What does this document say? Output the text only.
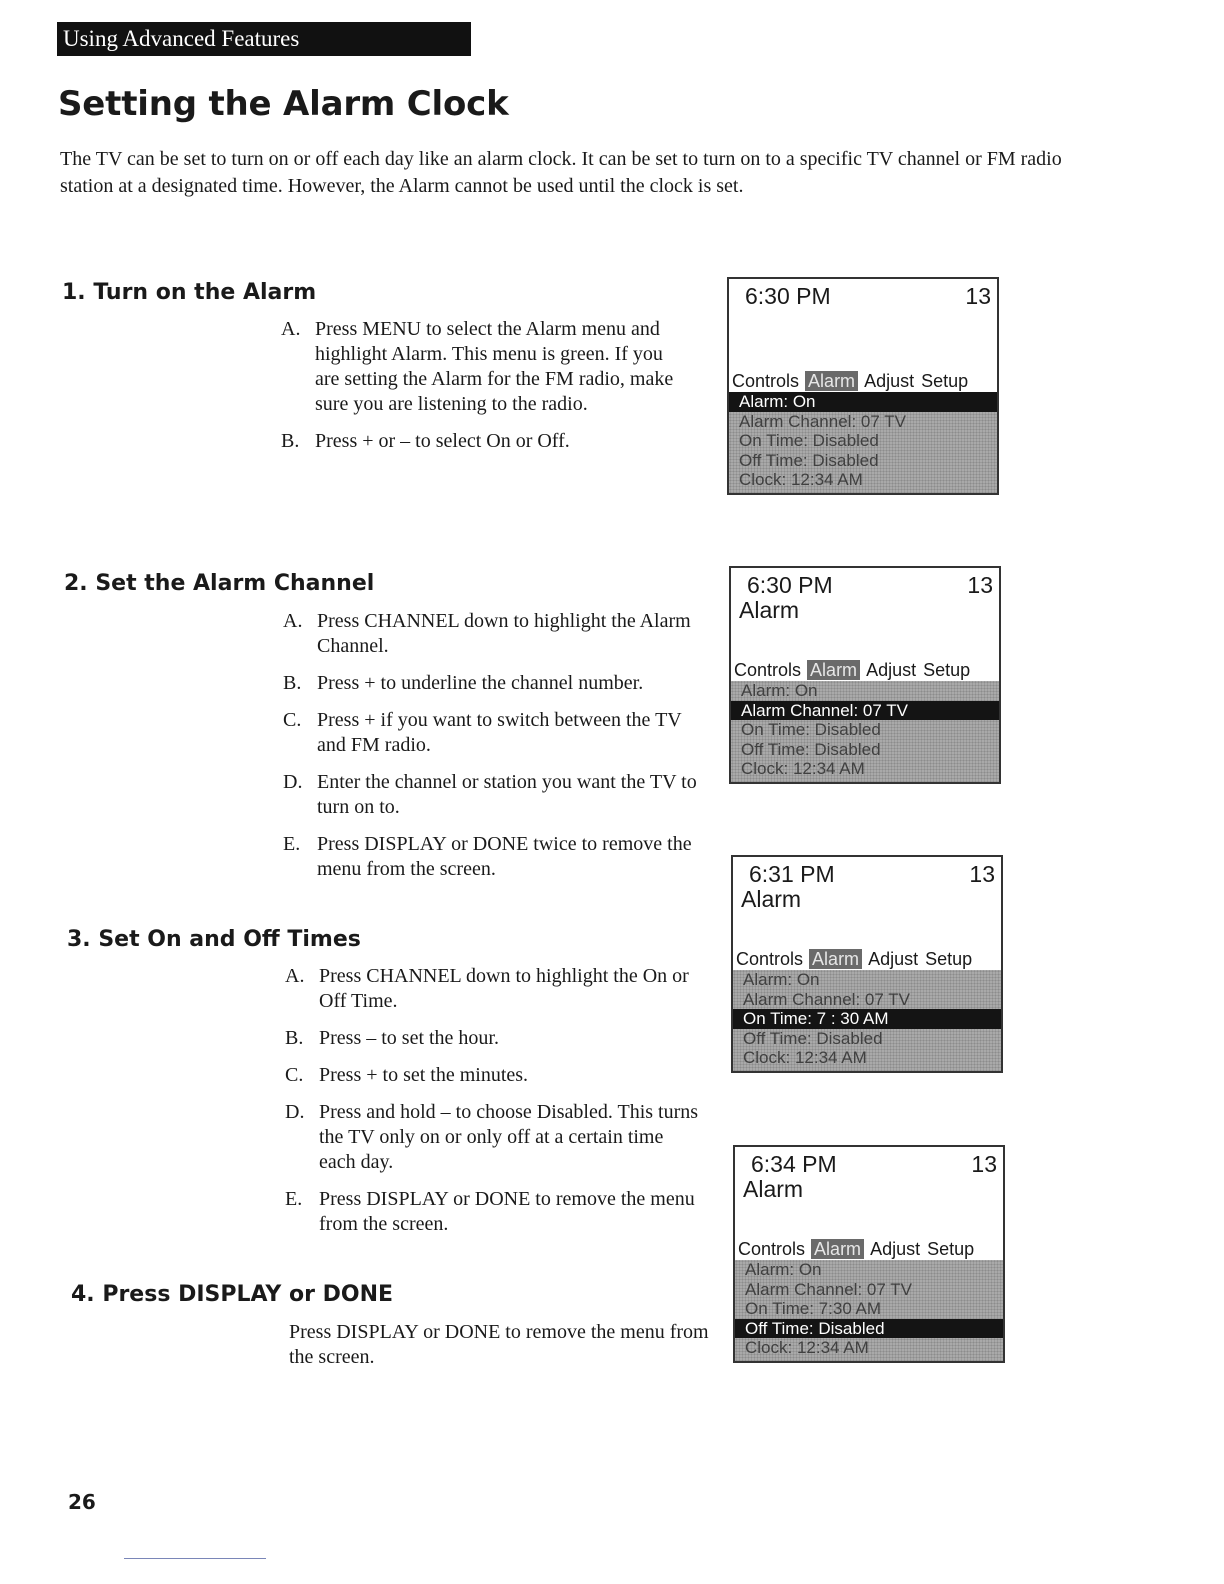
Using Advanced Features
Setting the Alarm Clock

The TV can be set to turn on or off each day like an alarm clock. It can be set to turn on to a specific TV channel or FM radio station at a designated time. However, the Alarm cannot be used until the clock is set.

1. Turn on the Alarm
A. Press MENU to select the Alarm menu and highlight Alarm. This menu is green. If you are setting the Alarm for the FM radio, make sure you are listening to the radio.
B. Press + or – to select On or Off.
2. Set the Alarm Channel
A. Press CHANNEL down to highlight the Alarm Channel.
B. Press + to underline the channel number.
C. Press + if you want to switch between the TV and FM radio.
D. Enter the channel or station you want the TV to turn on to.
E. Press DISPLAY or DONE twice to remove the menu from the screen.
3. Set On and Off Times
A. Press CHANNEL down to highlight the On or Off Time.
B. Press – to set the hour.
C. Press + to set the minutes.
D. Press and hold – to choose Disabled. This turns the TV only on or only off at a certain time each day.
E. Press DISPLAY or DONE to remove the menu from the screen.
4. Press DISPLAY or DONE

Press DISPLAY or DONE to remove the menu from the screen.

6:30 PM	13
Controls Alarm Adjust Setup
Alarm: On
Alarm Channel: 07 TV
On Time: Disabled
Off Time: Disabled
Clock: 12:34 AM
6:30 PM	13
Alarm
Controls Alarm Adjust Setup
Alarm: On
Alarm Channel: 07 TV
On Time: Disabled
Off Time: Disabled
Clock: 12:34 AM
6:31 PM	13
Alarm
Controls Alarm Adjust Setup
Alarm: On
Alarm Channel: 07 TV
On Time: 7 : 30 AM
Off Time: Disabled
Clock: 12:34 AM
6:34 PM	13
Alarm
Controls Alarm Adjust Setup
Alarm: On
Alarm Channel: 07 TV
On Time: 7:30 AM
Off Time: Disabled
Clock: 12:34 AM
26
